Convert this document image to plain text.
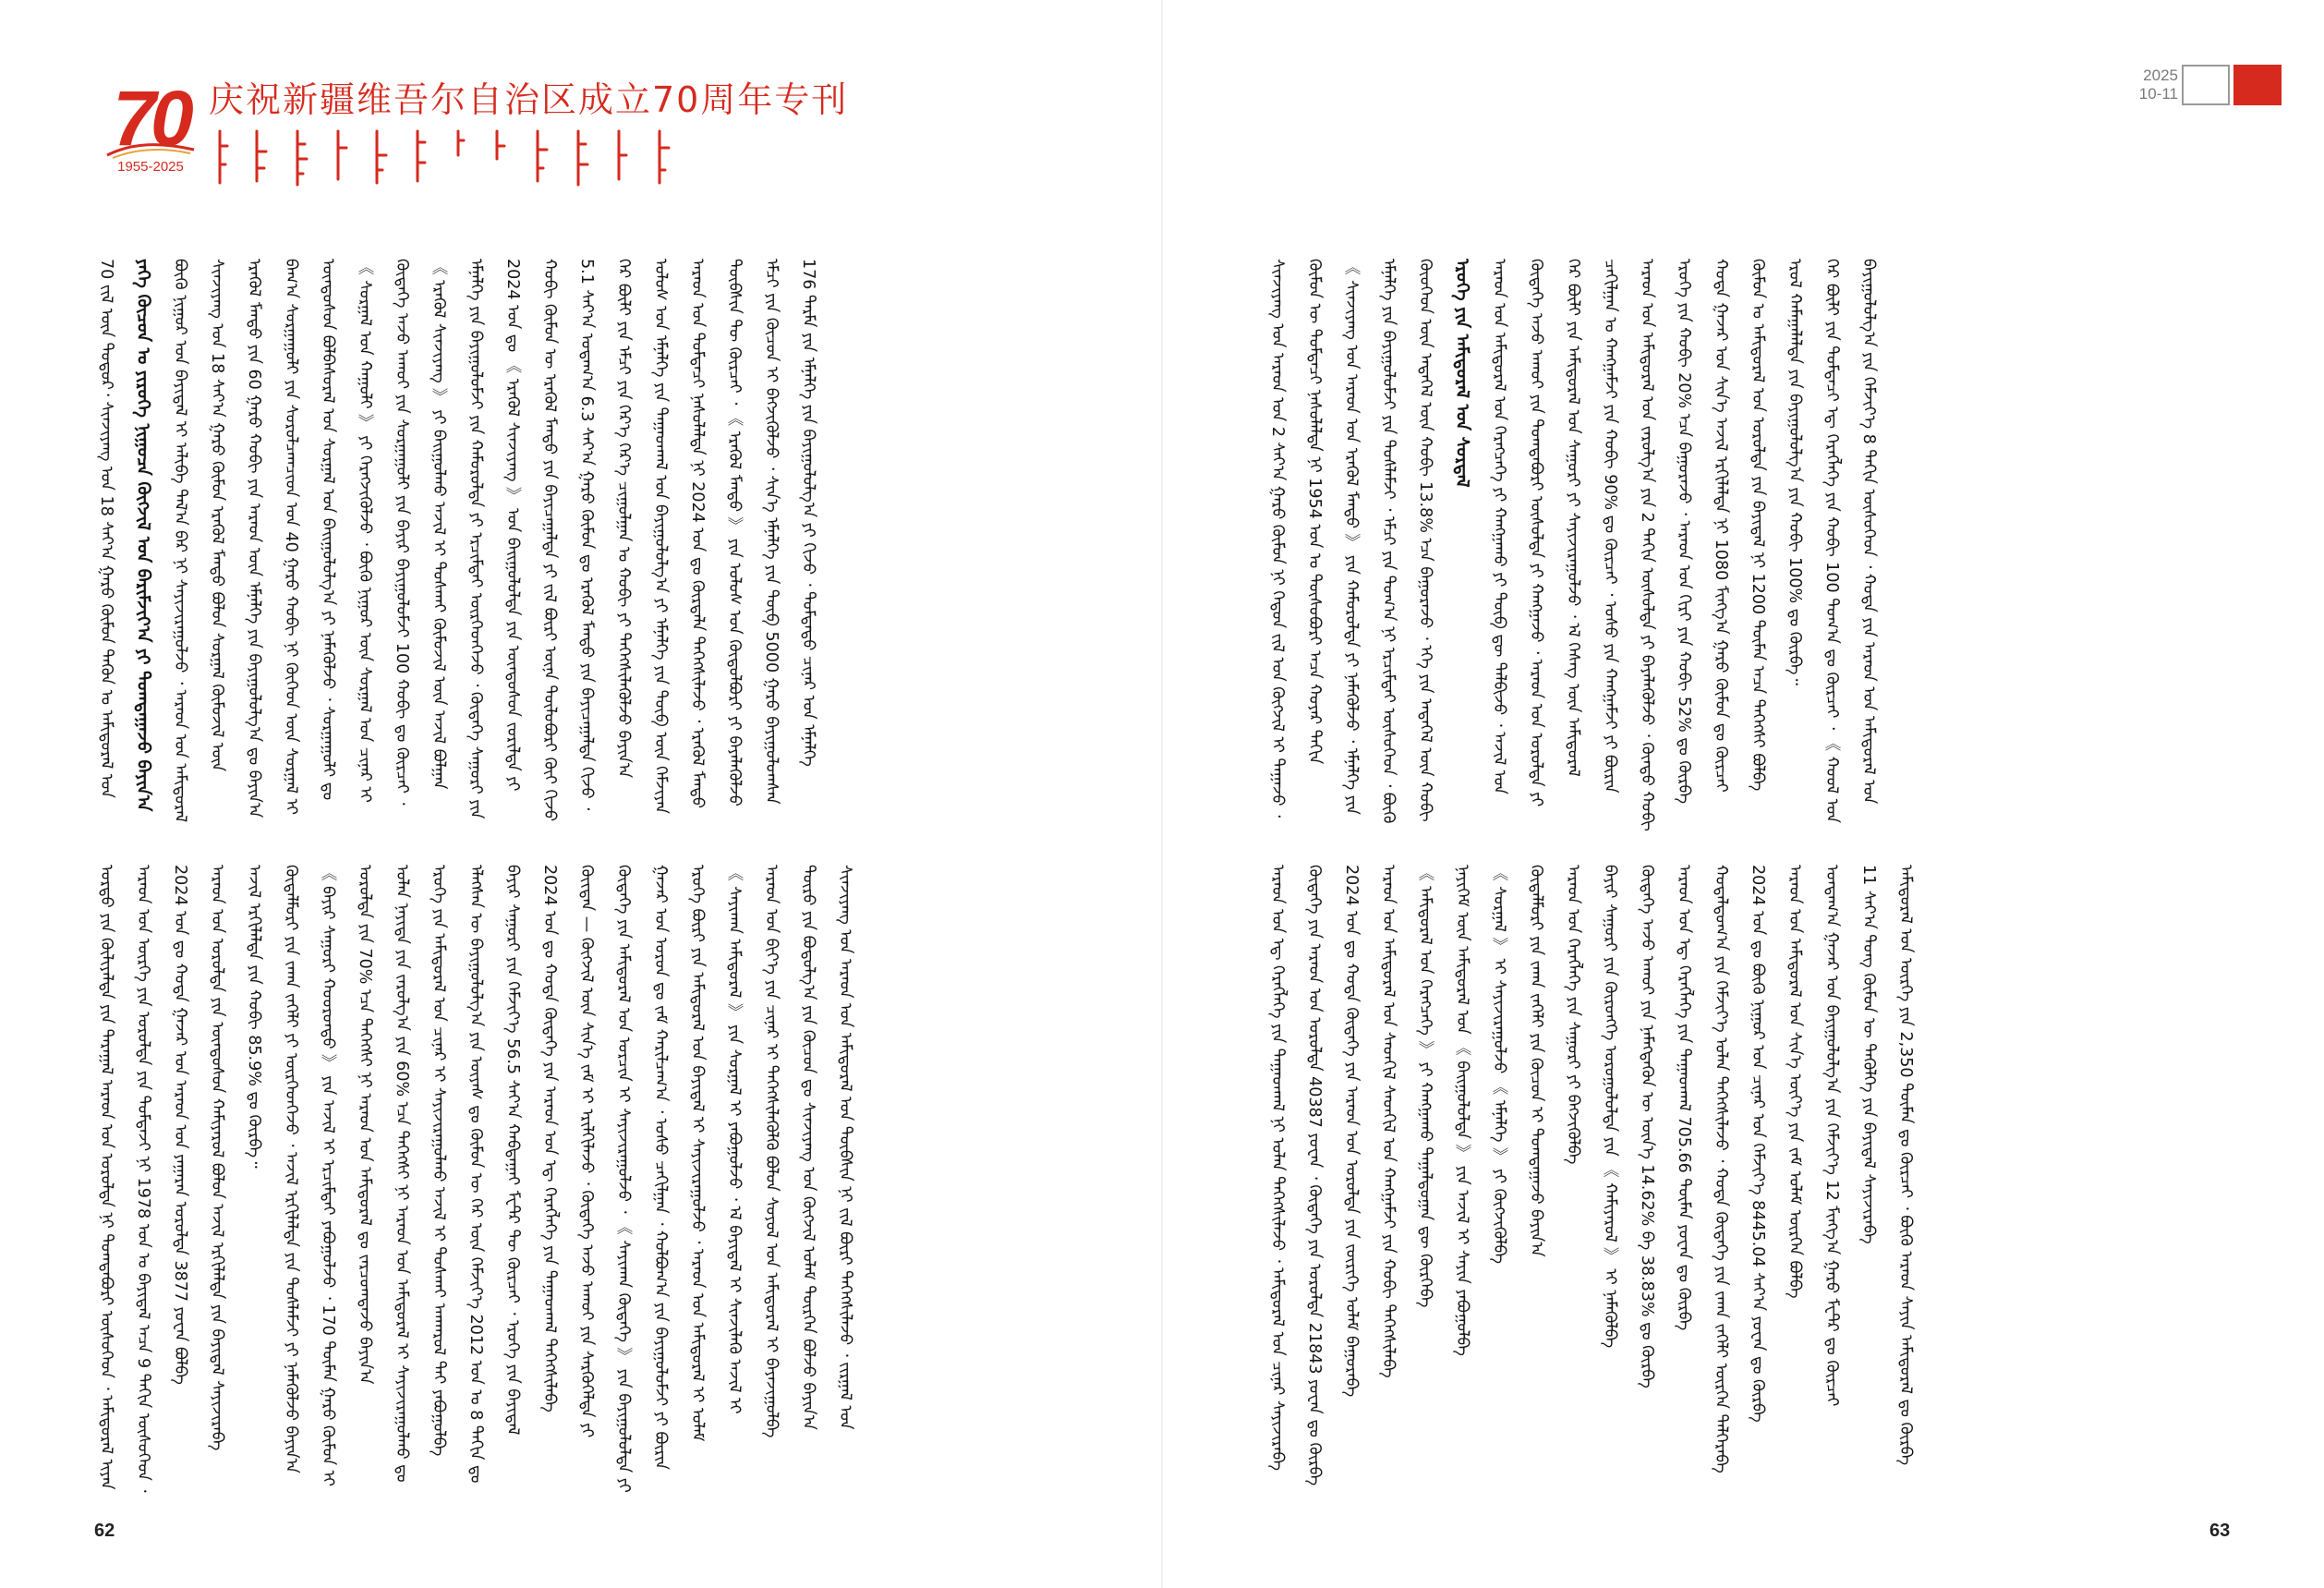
70
1955-2025
庆祝新疆维吾尔自治区成立70周年专刊
2025
10-11
70 ᠵᠢᠯ ᠦᠨ ᠳᠤᠲᠤᠷ᠂ ᠰᠢᠨᠵᠢᠶᠠᠩ ᠤᠨ 18 ᠰᠠᠶ᠎ᠠ ᠭᠠᠷᠤ ᠬᠦᠮᠦᠨ ᠲᠡᠭᠦᠨ ᠤ ᠠᠮᠢᠳᠤᠷᠠᠯ ᠤᠨ ᠶᠡᠬᠡ ᠬᠦᠴᠦᠨ ᠤ ᠶᠢᠷᠦᠬᠡ ᠨᠢᠭᠤᠴᠠ ᠬᠥᠭᠵᠢᠯ ᠤᠨ ᠪᠠᠷᠢᠮᠵᠢᠶ᠎ᠠ ᠶᠢ ᠲᠣᠭᠲᠠᠭᠠᠵᠤ ᠪᠠᠶᠢᠨ᠎ᠠ ᠪᠦᠬᠦ ᠨᠢᠭᠤᠷ ᠤᠨ ᠪᠠᠶᠢᠳᠠᠯ ᠢ ᠠᠯᠢᠪᠠ ᠲᠠᠯ᠎ᠠ ᠪᠠᠷ ᠨᠢ ᠰᠠᠶᠢᠵᠢᠷᠠᠭᠤᠯᠵᠤ ᠂ ᠠᠷᠠᠳ ᠤᠨ ᠠᠮᠢᠳᠤᠷᠠᠯ
ᠰᠢᠨᠵᠢᠶᠠᠩ ᠤᠨ 18 ᠰᠠᠶ᠎ᠠ ᠭᠠᠷᠤ ᠬᠦᠮᠦᠨ ᠡᠷᠡᠭᠦᠯ ᠮᠡᠨᠳᠦ ᠪᠣᠯᠤᠨ ᠰᠤᠷᠭᠠᠯ ᠬᠦᠮᠦᠵᠢᠯ ᠦᠨ ᠡᠷᠡᠭᠦᠯ ᠮᠡᠨᠳᠦ ᠶᠢᠨ 60 ᠭᠠᠷᠤ ᠬᠤᠪᠢ ᠶᠢᠨ ᠠᠷᠠᠳ ᠦᠨ ᠡᠮᠨᠡᠯᠭᠡ ᠶᠢᠨ ᠪᠠᠶᠢᠭᠤᠯᠤᠯᠭ᠎ᠠ ᠳᠤ ᠪᠠᠶᠢᠨ᠎ᠠ ᠪᠠᠭ᠎ᠠ ᠰᠤᠷᠭᠠᠭᠤᠯᠢ ᠶᠢᠨ ᠰᠤᠷᠤᠯᠴᠠᠭᠴᠢᠳ ᠤᠨ 40 ᠭᠠᠷᠤ ᠬᠤᠪᠢ ᠨᠢ ᠬᠥᠭᠡᠳ ᠦᠨ ᠰᠤᠷᠭᠠᠯ ᠢ
ᠦᠨᠳᠦᠰᠦᠨ ᠪᠣᠯᠪᠠᠰᠤᠷᠠᠯ ᠤᠨ ᠰᠤᠷᠭᠠᠯ ᠤᠨ ᠪᠠᠢᠭᠤᠯᠤᠯᠭ᠎ᠠ ᠶᠢ ᠨᠡᠮᠡᠭᠦᠯᠵᠦ ᠂ ᠰᠤᠷᠭᠠᠭᠤᠯᠢ ᠳᠤ
《 ᠰᠤᠷᠭᠠᠯ ᠤᠨ ᠬᠠᠭᠤᠯᠢ 》 ᠶᠢ ᠬᠡᠷᠡᠭᠵᠢᠭᠦᠯᠵᠦ ᠂ ᠪᠦᠬᠦ ᠨᠢᠭᠤᠷ ᠦᠨ ᠰᠤᠷᠭᠠᠯ ᠤᠨ ᠴᠢᠨᠠᠷ ᠢ
ᠬᠥᠳᠡᠭᠡ ᠠᠵᠤ ᠠᠬᠤᠢ ᠶᠢᠨ ᠰᠤᠷᠭᠠᠭᠤᠯᠢ ᠶᠢᠨ ᠪᠠᠶᠢᠷ ᠪᠠᠶᠢᠭᠤᠯᠤᠮᠵᠢ 100 ᠬᠤᠪᠢ ᠳᠤ ᠬᠦᠷᠴᠡᠢ ᠂
《 ᠡᠷᠡᠭᠦᠯ ᠰᠢᠨᠵᠢᠶᠠᠩ 》 ᠶᠢ ᠪᠠᠢᠭᠤᠯᠬᠤ ᠠᠵᠢᠯ ᠢ ᠲᠤᠰᠬᠠᠢ ᠬᠦᠮᠦᠵᠢᠯ ᠦᠨ ᠠᠵᠢᠯ ᠪᠣᠯᠭᠠᠨ
ᠡᠮᠨᠡᠯᠭᠡ ᠶᠢᠨ ᠪᠠᠶᠢᠭᠤᠯᠤᠮᠵᠢ ᠶᠢᠨ ᠬᠠᠮᠤᠷᠤᠯᠲᠠ ᠶᠢ ᠡᠷᠴᠢᠮᠲᠡᠶ ᠥᠷᠭᠡᠳᠬᠡᠵᠦ ᠂ ᠬᠥᠳᠡᠭᠡ ᠰᠠᠭᠤᠷᠢ ᠶᠢᠨ
2024 ᠣᠨ ᠳᠤ 《 ᠡᠷᠡᠭᠦᠯ ᠰᠢᠨᠵᠢᠶᠠᠩ 》 ᠤᠨ ᠪᠠᠢᠭᠤᠯᠤᠯᠲᠠ ᠶᠢᠨ ᠦᠨᠳᠦᠰᠦᠨ ᠵᠣᠷᠢᠯᠲᠠ ᠶᠢ
ᠬᠤᠪᠢ ᠬᠦᠮᠦᠨ ᠦ ᠡᠷᠡᠭᠦᠯ ᠮᠡᠨᠳᠦ ᠶᠢᠨ ᠪᠠᠶᠢᠴᠠᠭᠠᠯᠲᠠ ᠶᠢ ᠵᠢᠯ ᠪᠦᠷᠢ ᠦᠨᠡ ᠲᠥᠯᠦᠪᠦᠷᠢ ᠭᠦᠢ ᠬᠢᠵᠦ
5.1 ᠰᠠᠶ᠎ᠠ ᠤᠳᠠᠭ᠎ᠠ 6.3 ᠰᠠᠶ᠎ᠠ ᠭᠠᠷᠤ ᠬᠦᠮᠦᠨ ᠳᠤ ᠡᠷᠡᠭᠦᠯ ᠮᠡᠨᠳᠦ ᠶᠢᠨ ᠪᠠᠶᠢᠴᠠᠭᠠᠯᠲᠠ ᠬᠢᠵᠦ ᠂
ᠭᠡᠷ ᠪᠦᠯᠢ ᠶᠢᠨ ᠡᠮᠴᠢ ᠶᠢᠨ ᠭᠡᠷ᠎ᠡ ᠭᠡᠷ᠎ᠡ ᠴᠢᠭᠤᠯᠭᠠᠨ ᠤ ᠬᠤᠪᠢ ᠶᠢ ᠳᠡᠭᠡᠭᠰᠢᠯᠡᠭᠦᠯᠵᠦ ᠪᠠᠶᠢᠨ᠎ᠠ ᠤᠯᠤᠰ ᠤᠨ ᠡᠮᠨᠡᠯᠭᠡ ᠶᠢᠨ ᠳᠠᠭᠠᠳᠬᠠᠯ ᠤᠨ ᠪᠠᠶᠢᠭᠤᠯᠤᠯᠭ᠎ᠠ ᠶᠢ ᠡᠮᠨᠡᠯᠭᠡ ᠶᠢᠨ ᠲᠥᠪ ᠦᠨ ᠬᠡᠮᠵᠢᠶᠡᠨ
ᠠᠷᠠᠳ ᠤᠨ ᠳᠤᠮᠳᠠᠴᠢ ᠨᠠᠰᠤᠯᠠᠯᠲᠠ ᠨᠢ 2024 ᠣᠨ ᠳᠤ ᠬᠦᠷᠲᠡᠯᠡ ᠳᠡᠭᠡᠭᠰᠢᠯᠡᠵᠦ ᠂ ᠡᠷᠡᠭᠦᠯ ᠮᠡᠨᠳᠦ
ᠲᠦᠪᠰᠢᠨ ᠲᠦ ᠬᠦᠷᠴᠡᠢ ᠂ 《 ᠡᠷᠡᠭᠦᠯ ᠮᠡᠨᠳᠦ 》 ᠶᠢᠨ ᠤᠯᠤᠰ ᠤᠨ ᠬᠥᠲᠦᠯᠪᠦᠷᠢ ᠶᠢ ᠪᠡᠶᠡᠯᠡᠭᠦᠯᠵᠦ
ᠡᠮᠴᠢ ᠶᠢᠨ ᠬᠦᠴᠦᠨ ᠢ ᠪᠡᠬᠵᠢᠭᠦᠯᠵᠦ ᠂ ᠰᠢᠨ᠎ᠡ ᠡᠮᠨᠡᠯᠭᠡ ᠶᠢᠨ ᠲᠥᠪ 5000 ᠭᠠᠷᠤ ᠪᠠᠶᠢᠭᠤᠯᠤᠭᠰᠠᠨ
176 ᠲᠡᠷᠮᠡ ᠶᠢᠨ ᠡᠮᠨᠡᠯᠭᠡ ᠶᠢᠨ ᠪᠠᠶᠢᠭᠤᠯᠤᠯᠭ᠎ᠠ ᠶᠢ ᠬᠢᠵᠦ ᠂ ᠳᠤᠮᠳᠠᠳᠤ ᠴᠢᠨᠠᠷ ᠤᠨ ᠡᠮᠨᠡᠯᠭᠡ
ᠤᠷᠲᠤ ᠶᠢᠨ ᠬᠦᠯᠢᠶᠡᠯᠲᠡ ᠶᠢᠨ ᠳᠠᠷᠠᠭᠠᠯ ᠠᠷᠠᠳ ᠤᠨ ᠣᠷᠣᠯᠲᠠ ᠨᠢ ᠲᠣᠭᠲᠠᠪᠣᠷᠢ ᠥᠰᠦᠭᠡᠳ ᠂ ᠠᠮᠢᠳᠤᠷᠠᠯ ᠢᠶᠠᠨ
ᠠᠷᠠᠳ ᠤᠨ ᠥᠷᠬᠡ ᠶᠢᠨ ᠣᠷᠣᠯᠲᠠ ᠶᠢᠨ ᠳᠤᠮᠳᠠᠵᠢ ᠨᠢ 1978 ᠣᠨ ᠤ ᠪᠠᠶᠢᠳᠠᠯ ᠠᠴᠠ 9 ᠳᠠᠬᠢᠨ ᠥᠰᠦᠭᠡᠳ ᠂
2024 ᠣᠨ ᠳᠤ ᠬᠣᠲᠠ ᠭᠠᠵᠠᠷ ᠤᠨ ᠠᠷᠠᠳ ᠤᠨ ᠶᠠᠭᠠᠷᠠᠨ ᠣᠷᠣᠯᠲᠠ 3877 ᠶᠤᠸᠠᠨ ᠪᠣᠯᠪᠠ ᠠᠷᠠᠳ ᠤᠨ ᠣᠷᠣᠯᠲᠠ ᠶᠢᠨ ᠦᠨᠳᠦᠰᠦᠨ ᠬᠠᠮᠢᠶᠠᠷᠤᠯ ᠪᠣᠯᠤᠨ ᠠᠵᠢᠯ ᠡᠷᠬᠢᠯᠡᠯᠲᠡ ᠶᠢᠨ ᠪᠠᠶᠢᠳᠠᠯ ᠰᠠᠶᠢᠵᠢᠷᠠᠪᠠ ᠠᠵᠢᠯ ᠡᠷᠬᠢᠯᠡᠯᠲᠡ ᠶᠢᠨ ᠬᠤᠪᠢ 85.9% ᠳᠤ ᠬᠦᠷᠪᠡ᠃ ᠬᠥᠳᠡᠯᠮᠦᠷᠢ ᠶᠢᠨ ᠵᠠᠬᠠ ᠵᠡᠭᠡᠯᠢ ᠶᠢ ᠥᠷᠭᠡᠳᠬᠡᠵᠦ ᠂ ᠠᠵᠢᠯ ᠡᠷᠬᠢᠯᠡᠯᠲᠡ ᠶᠢᠨ ᠲᠤᠰᠯᠠᠮᠵᠢ ᠶᠢ ᠨᠡᠮᠡᠭᠦᠯᠵᠦ ᠪᠠᠶᠢᠨ᠎ᠠ 《 ᠪᠠᠶᠢᠷ ᠰᠠᠭᠤᠷᠢ ᠬᠤᠤᠷᠤᠨᠳᠤ 》 ᠶᠢᠨ ᠠᠵᠢᠯ ᠢ ᠡᠷᠴᠢᠮᠲᠡᠢ ᠶᠠᠪᠤᠭᠤᠯᠵᠤ ᠂ 170 ᠲᠦᠮᠡᠨ ᠭᠠᠷᠤ ᠬᠦᠮᠦᠨ ᠢ
ᠣᠷᠣᠯᠲᠠ ᠶᠢᠨ 70% ᠡᠴᠡ ᠳᠡᠭᠡᠭᠰᠢ ᠨᠢ ᠠᠷᠠᠳ ᠤᠨ ᠠᠮᠢᠳᠤᠷᠠᠯ ᠳᠤ ᠵᠠᠷᠴᠤᠭᠳᠠᠵᠤ ᠪᠠᠶᠢᠨ᠎ᠠ ᠣᠯᠠᠨ ᠨᠡᠶᠢᠲᠡ ᠶᠢᠨ ᠵᠠᠷᠤᠯᠭ᠎ᠠ ᠶᠢᠨ 60% ᠡᠴᠡ ᠳᠡᠭᠡᠭᠰᠢ ᠨᠢ ᠠᠷᠠᠳ ᠤᠨ ᠠᠮᠢᠳᠤᠷᠠᠯ ᠢ ᠰᠠᠶᠢᠵᠢᠷᠠᠭᠤᠯᠬᠤ ᠳᠤ
ᠡᠷᠦᠬᠡ ᠶᠢᠨ ᠠᠮᠢᠳᠤᠷᠠᠯ ᠤᠨ ᠴᠢᠨᠠᠷ ᠢ ᠰᠠᠶᠢᠵᠢᠷᠠᠭᠤᠯᠬᠤ ᠠᠵᠢᠯ ᠢ ᠲᠤᠰᠬᠠᠶ ᠠᠨᠬᠠᠷᠤᠯ ᠲᠠᠢ ᠶᠠᠪᠤᠭᠤᠯᠪᠠ ᠡᠯᠡᠭᠰᠡᠨ ᠦ ᠪᠠᠶᠢᠭᠤᠯᠤᠯᠭ᠎ᠠ ᠶᠢᠨ ᠦᠶᠡᠰ ᠳᠤ ᠬᠦᠮᠦᠨ ᠦ ᠭᠡᠷ ᠦᠨ ᠬᠡᠮᠵᠢᠶ᠎ᠡ 2012 ᠣᠨ ᠤ 8 ᠳᠠᠬᠢᠨ ᠳᠤ
ᠪᠠᠶᠢᠷ ᠰᠠᠭᠤᠷᠢ ᠶᠢᠨ ᠬᠡᠮᠵᠢᠶ᠎ᠡ 56.5 ᠰᠠᠶ᠎ᠠ ᠬᠠᠪᠳᠠᠭᠠᠢ ᠮᠧᠲ᠋ᠷ ᠲᠦ ᠬᠦᠷᠴᠡᠢ ᠂ ᠡᠷᠦᠬᠡ ᠶᠢᠨ ᠪᠠᠶᠢᠳᠠᠯ 2024 ᠣᠨ ᠳᠤ ᠬᠣᠲᠠ ᠬᠥᠳᠡᠭᠡ ᠶᠢᠨ ᠠᠷᠠᠳ ᠤᠨ ᠡᠳ᠋ ᠬᠡᠷᠡᠭᠯᠡᠭᠡ ᠶᠢᠨ ᠳᠠᠭᠠᠳᠬᠠᠯ ᠳᠡᠭᠡᠭᠰᠢᠯᠡᠪᠡ ᠬᠦᠢᠳᠡᠨ — ᠬᠥᠭᠵᠢᠯ ᠦᠨ ᠰᠢᠨ᠎ᠡ ᠵᠠᠮ ᠢ ᠡᠷᠢᠯᠬᠢᠯᠡᠵᠦ ᠂ ᠬᠥᠳᠡᠭᠡ ᠠᠵᠤ ᠠᠬᠤᠢ ᠶᠢᠨ ᠰᠡᠷᠭᠦᠭᠡᠯᠲᠡ ᠶᠢ
ᠬᠥᠳᠡᠭᠡ ᠶᠢᠨ ᠠᠮᠢᠳᠤᠷᠠᠯ ᠤᠨ ᠣᠷᠴᠢᠨ ᠢ ᠰᠠᠶᠢᠵᠢᠷᠠᠭᠤᠯᠵᠤ ᠂ 《 ᠰᠠᠶᠢᠬᠠᠨ ᠬᠥᠳᠡᠭᠡ 》 ᠶᠢᠨ ᠪᠠᠶᠢᠭᠤᠯᠤᠯᠲᠠ ᠶᠢ
ᠭᠠᠵᠠᠷ ᠤᠨ ᠣᠷᠣᠨ ᠳᠤ ᠵᠠᠮ ᠬᠠᠷᠢᠯᠴᠠᠭ᠎ᠠ ᠂ ᠤᠰᠤ ᠴᠠᠬᠢᠯᠭᠠᠨ ᠂ ᠬᠣᠯᠪᠣᠭ᠎ᠠ ᠶᠢᠨ ᠪᠠᠶᠢᠭᠤᠯᠤᠮᠵᠢ ᠶᠢ ᠪᠦᠷᠢᠨ
ᠡᠷᠦᠬᠡ ᠪᠦᠷᠢ ᠶᠢᠨ ᠠᠮᠢᠳᠤᠷᠠᠯ ᠤᠨ ᠪᠠᠶᠢᠳᠠᠯ ᠢ ᠰᠠᠶᠢᠵᠢᠷᠠᠭᠤᠯᠵᠤ ᠂ ᠠᠷᠠᠳ ᠤᠨ ᠠᠮᠢᠳᠤᠷᠠᠯ ᠢ ᠤᠯᠠᠮ
《 ᠰᠠᠶᠢᠬᠠᠨ ᠠᠮᠢᠳᠤᠷᠠᠯ 》 ᠶᠢᠨ ᠰᠤᠷᠭᠠᠯ ᠢ ᠶᠠᠪᠤᠭᠤᠯᠵᠤ ᠂ ᠡᠯ ᠪᠠᠶᠢᠳᠠᠯ ᠢ ᠰᠢᠨᠵᠢᠯᠡᠬᠦ ᠠᠵᠢᠯ ᠢ ᠠᠷᠠᠳ ᠤᠨ ᠪᠢᠶ᠎ᠡ ᠶᠢᠨ ᠴᠢᠨᠠᠷ ᠢ ᠳᠡᠭᠡᠭᠰᠢᠯᠡᠭᠦᠯᠬᠦ ᠪᠣᠯᠤᠨ ᠰᠣᠶᠣᠯ ᠤᠨ ᠠᠮᠢᠳᠤᠷᠠᠯ ᠢ ᠪᠠᠶᠠᠵᠢᠭᠤᠯᠪᠠ ᠲᠦᠷᠦ ᠶᠢᠨ ᠪᠤᠳᠤᠯᠭ᠎ᠠ ᠶᠢᠨ ᠬᠦᠴᠦᠨ ᠳᠤ ᠰᠢᠨᠵᠢᠶᠠᠩ ᠤᠨ ᠬᠥᠭᠵᠢᠯ ᠤᠯᠠᠮ ᠲᠦᠷᠭᠡᠨ ᠪᠣᠯᠵᠤ ᠪᠠᠶᠢᠨ᠎ᠠ ᠰᠢᠨᠵᠢᠶᠠᠩ ᠤᠨ ᠠᠷᠠᠳ ᠤᠨ ᠠᠮᠢᠳᠤᠷᠠᠯ ᠤᠨ ᠲᠦᠪᠰᠢᠨ ᠨᠢ ᠵᠢᠯ ᠪᠦᠷᠢ ᠳᠡᠭᠡᠭᠰᠢᠯᠡᠵᠦ ᠂ ᠵᠢᠷᠭᠠᠯ ᠤᠨ
ᠰᠢᠨᠵᠢᠶᠠᠩ ᠤᠨ ᠠᠷᠠᠳ ᠤᠨ 2 ᠰᠠᠶ᠎ᠠ ᠭᠠᠷᠤ ᠬᠦᠮᠦᠨ ᠨᠢ ᠬᠡᠳᠦᠨ ᠵᠢᠯ ᠤᠨ ᠬᠥᠭᠵᠢᠯ ᠢ ᠳᠠᠭᠠᠵᠤ ᠂
ᠬᠦᠮᠦᠨ ᠦ ᠳᠤᠮᠳᠠᠴᠢ ᠨᠠᠰᠤᠯᠠᠯᠲᠠ ᠨᠢ 1954 ᠣᠨ ᠤ ᠲᠥᠰᠦᠪᠦᠷᠢ ᠠᠴᠠ ᠬᠣᠶᠠᠷ ᠳᠠᠬᠢᠨ
《 ᠰᠢᠨᠵᠢᠶᠠᠩ ᠤᠨ ᠠᠷᠠᠳ ᠤᠨ ᠡᠷᠡᠭᠦᠯ ᠮᠡᠨᠳᠦ 》 ᠶᠢᠨ ᠬᠠᠮᠤᠷᠤᠯᠲᠠ ᠶᠢ ᠨᠡᠮᠡᠭᠦᠯᠵᠦ ᠂ ᠡᠮᠨᠡᠯᠭᠡ ᠶᠢᠨ
ᠡᠮᠨᠡᠯᠭᠡ ᠶᠢᠨ ᠪᠠᠶᠢᠭᠤᠯᠤᠮᠵᠢ ᠶᠢᠨ ᠲᠤᠰᠯᠠᠮᠵᠢ ᠂ ᠡᠮᠴᠢ ᠶᠢᠨ ᠲᠣᠭ᠎ᠠ ᠨᠢ ᠡᠷᠴᠢᠮᠲᠡᠢ ᠥᠰᠦᠭᠡᠳ ᠂ ᠪᠦᠬᠦ
ᠬᠦᠦᠬᠡᠳ ᠦᠨ ᠡᠨᠳᠡᠭᠡᠯ ᠦᠨ ᠬᠤᠪᠢ 13.8% ᠡᠴᠡ ᠪᠠᠭᠤᠷᠠᠵᠤ ᠂ ᠡᠬᠡ ᠶᠢᠨ ᠡᠨᠳᠡᠭᠡᠯ ᠦᠨ ᠬᠤᠪᠢ
ᠡᠷᠦᠬᠡ ᠶᠢᠨ ᠠᠮᠢᠳᠤᠷᠠᠯ ᠤᠨ ᠰᠤᠷᠲᠠᠯ ᠠᠷᠠᠳ ᠤᠨ ᠠᠮᠢᠳᠤᠷᠠᠯ ᠤᠨ ᠬᠡᠷᠡᠭᠴᠡᠭᠡ ᠶᠢ ᠬᠠᠩᠭᠠᠬᠤ ᠶᠢ ᠲᠥᠪ ᠳᠦ ᠲᠠᠯᠪᠢᠵᠤ ᠂ ᠠᠵᠢᠯ ᠤᠨ
ᠬᠥᠳᠡᠭᠡ ᠠᠵᠤ ᠠᠬᠤᠢ ᠶᠢᠨ ᠲᠣᠭᠲᠠᠪᠤᠷᠢ ᠥᠰᠦᠯᠲᠡ ᠶᠢ ᠬᠠᠩᠭᠠᠵᠤ ᠂ ᠠᠷᠠᠳ ᠤᠨ ᠣᠷᠣᠯᠲᠠ ᠶᠢ
ᠭᠡᠷ ᠪᠦᠯᠢ ᠶᠢᠨ ᠠᠮᠢᠳᠤᠷᠠᠯ ᠤᠨ ᠰᠠᠭᠤᠷᠢ ᠶᠢ ᠰᠠᠶᠢᠵᠢᠷᠠᠭᠤᠯᠵᠤ ᠂ ᠡᠯ ᠬᠡᠰᠡᠭ ᠦᠨ ᠠᠮᠢᠳᠤᠷᠠᠯ
ᠴᠠᠬᠢᠯᠭᠠᠨ ᠤ ᠬᠠᠩᠭᠠᠮᠵᠢ ᠶᠢᠨ ᠬᠤᠪᠢ 90% ᠳᠤ ᠬᠦᠷᠴᠡᠢ ᠂ ᠤᠰᠤ ᠶᠢᠨ ᠬᠠᠩᠭᠠᠮᠵᠢ ᠶᠢ ᠪᠦᠷᠢᠨ
ᠠᠷᠠᠳ ᠤᠨ ᠠᠮᠢᠳᠤᠷᠠᠯ ᠤᠨ ᠵᠠᠷᠤᠯᠭ᠎ᠠ ᠶᠢᠨ 2 ᠳᠠᠬᠢᠨ ᠥᠰᠦᠯᠲᠡ ᠶᠢ ᠪᠡᠶᠡᠯᠡᠭᠦᠯᠵᠦ ᠂ ᠬᠦᠨᠳᠦ ᠬᠤᠪᠢ
ᠡᠷᠦᠬᠡ ᠶᠢᠨ ᠬᠤᠪᠢ 20% ᠡᠴᠡ ᠪᠠᠭᠤᠷᠠᠵᠤ ᠂ ᠠᠷᠠᠳ ᠤᠨ ᠬᠢᠷᠢ ᠶᠢᠨ ᠬᠤᠪᠢ 52% ᠳᠤ ᠬᠦᠷᠪᠡ ᠬᠣᠲᠠ ᠭᠠᠵᠠᠷ ᠤᠨ ᠰᠢᠨ᠎ᠡ ᠠᠵᠢᠯ ᠡᠷᠬᠢᠯᠡᠯᠲᠡ ᠨᠢ 1080 ᠮᠢᠩᠭ᠎ᠠ ᠭᠠᠷᠤ ᠬᠦᠮᠦᠨ ᠳᠤ ᠬᠦᠷᠴᠡᠢ ᠬᠦᠮᠦᠨ ᠤ ᠠᠮᠢᠳᠤᠷᠠᠯ ᠤᠨ ᠣᠷᠣᠯᠲᠠ ᠶᠢᠨ ᠪᠠᠶᠢᠳᠠᠯ ᠨᠢ 1200 ᠲᠦᠮᠡᠨ ᠠᠴᠠ ᠳᠡᠭᠡᠭᠰᠢ ᠪᠣᠯᠪᠠ ᠡᠷᠦᠯ ᠬᠠᠮᠠᠭᠠᠯᠠᠯᠲᠠ ᠶᠢᠨ ᠪᠠᠶᠢᠭᠤᠯᠤᠯᠭ᠎ᠠ ᠶᠢᠨ ᠬᠤᠪᠢ 100% ᠳᠤ ᠬᠦᠷᠪᠡ᠃ ᠭᠡᠷ ᠪᠦᠯᠢ ᠶᠢᠨ ᠳᠤᠮᠳᠠᠴᠢ ᠡᠳ᠋ ᠬᠡᠷᠡᠭᠯᠡᠭᠡ ᠶᠢᠨ ᠬᠤᠪᠢ 100 ᠲᠤᠭ᠎ᠠ ᠳᠤ ᠬᠦᠷᠴᠡᠢ ᠂ 《 ᠬᠣᠣᠯ ᠤᠨ
ᠪᠠᠶᠢᠭᠤᠯᠤᠯᠭ᠎ᠠ ᠶᠢᠨ ᠬᠡᠮᠵᠢᠶ᠎ᠡ 8 ᠳᠠᠬᠢᠨ ᠥᠰᠦᠭᠡᠳ ᠂ ᠬᠣᠲᠠ ᠶᠢᠨ ᠠᠷᠠᠳ ᠤᠨ ᠠᠮᠢᠳᠤᠷᠠᠯ ᠤᠨ
ᠠᠷᠠᠳ ᠤᠨ ᠡᠳ᠋ ᠬᠡᠷᠡᠭᠯᠡᠭᠡ ᠶᠢᠨ ᠳᠠᠭᠠᠳᠬᠠᠯ ᠨᠢ ᠣᠯᠠᠨ ᠳᠡᠭᠡᠭᠰᠢᠯᠡᠵᠦ ᠂ ᠠᠮᠢᠳᠤᠷᠠᠯ ᠤᠨ ᠴᠢᠨᠠᠷ ᠰᠠᠶᠢᠵᠢᠷᠠᠪᠠ ᠬᠥᠳᠡᠭᠡ ᠶᠢᠨ ᠠᠷᠠᠳ ᠤᠨ ᠣᠷᠣᠯᠲᠠ 40387 ᠶᠤᠸᠠᠨ ᠂ ᠬᠥᠳᠡᠭᠡ ᠶᠢᠨ ᠣᠷᠣᠯᠲᠠ 21843 ᠶᠤᠸᠠᠨ ᠳᠤ ᠬᠦᠷᠪᠡ 2024 ᠣᠨ ᠳᠤ ᠬᠣᠲᠠ ᠬᠥᠳᠡᠭᠡ ᠶᠢᠨ ᠠᠷᠠᠳ ᠤᠨ ᠣᠷᠣᠯᠲᠠ ᠶᠢᠨ ᠵᠥᠷᠢᠭᠡ ᠤᠯᠠᠮ ᠪᠠᠭᠤᠷᠠᠪᠠ ᠠᠷᠠᠳ ᠤᠨ ᠠᠮᠢᠳᠤᠷᠠᠯ ᠤᠨ ᠰᠡᠳᠬᠢᠯ ᠰᠡᠳᠬᠢᠯ ᠤᠨ ᠬᠠᠩᠭᠠᠮᠵᠢ ᠶᠢᠨ ᠬᠤᠪᠢ ᠳᠡᠭᠡᠭᠰᠢᠯᠡᠪᠡ 《 ᠠᠮᠢᠳᠤᠷᠠᠯ ᠤᠨ ᠬᠡᠷᠡᠭᠴᠡᠭᠡ 》 ᠶᠢ ᠬᠠᠩᠭᠠᠬᠤ ᠳᠠᠭᠠᠯᠳᠤᠭᠠᠨ ᠳᠦ ᠬᠦᠷᠭᠡᠪᠡ ᠨᠡᠶᠢᠭᠡᠮ ᠦᠨ ᠠᠮᠢᠳᠤᠷᠠᠯ ᠤᠨ 《 ᠪᠠᠢᠭᠤᠯᠤᠯᠲᠠ 》 ᠶᠢᠨ ᠠᠵᠢᠯ ᠢ ᠰᠠᠶᠢᠨ ᠶᠠᠪᠤᠭᠤᠯᠪᠠ 《 ᠰᠤᠷᠭᠠᠯ 》 ᠢ ᠰᠠᠶᠢᠵᠢᠷᠠᠭᠤᠯᠵᠤ 《 ᠡᠮᠨᠡᠯᠭᠡ 》 ᠶᠢ ᠬᠥᠭᠵᠢᠭᠦᠯᠪᠡ ᠬᠥᠳᠡᠯᠮᠦᠷᠢ ᠶᠢᠨ ᠵᠠᠬᠠ ᠵᠡᠭᠡᠯᠢ ᠶᠢᠨ ᠬᠦᠴᠦᠨ ᠢ ᠲᠣᠭᠲᠠᠭᠠᠵᠤ ᠪᠠᠶᠢᠨ᠎ᠠ ᠠᠷᠠᠳ ᠤᠨ ᠬᠡᠷᠡᠭᠯᠡᠭᠡ ᠶᠢᠨ ᠰᠠᠭᠤᠷᠢ ᠶᠢ ᠪᠡᠬᠵᠢᠭᠦᠯᠪᠡ ᠪᠠᠶᠢᠷ ᠰᠠᠭᠤᠷᠢ ᠶᠢᠨ ᠬᠥᠷᠥᠩᠭᠡ ᠣᠷᠣᠭᠤᠯᠤᠯᠲᠠ ᠶᠢᠨ 《 ᠬᠠᠮᠢᠶᠠᠷᠤᠯ 》 ᠢ ᠨᠡᠮᠡᠭᠦᠯᠪᠡ ᠬᠥᠳᠡᠭᠡ ᠠᠵᠤ ᠠᠬᠤᠢ ᠶᠢᠨ ᠨᠡᠮᠡᠭᠳᠡᠬᠦᠨ ᠦ ᠦᠨ᠎ᠡ 14.62% ᠪᠠ 38.83% ᠳᠤ ᠬᠦᠷᠪᠡ ᠠᠷᠠᠳ ᠤᠨ ᠡᠳ᠋ ᠬᠡᠷᠡᠭᠯᠡᠭᠡ ᠶᠢᠨ ᠳᠠᠭᠠᠳᠬᠠᠯ 705.66 ᠲᠦᠮᠡᠨ ᠶᠤᠸᠠᠨ ᠳᠤ ᠬᠦᠷᠪᠡ ᠬᠤᠳᠠᠯᠳᠤᠭ᠎ᠠ ᠶᠢᠨ ᠬᠡᠮᠵᠢᠶ᠎ᠡ ᠣᠯᠠᠨ ᠳᠡᠭᠡᠭᠰᠢᠯᠡᠵᠦ ᠂ ᠬᠣᠲᠠ ᠬᠥᠳᠡᠭᠡ ᠶᠢᠨ ᠵᠠᠬᠠ ᠵᠡᠭᠡᠯᠢ ᠥᠷᠭᠡᠨ ᠳᠡᠯᠭᠡᠷᠡᠪᠡ 2024 ᠣᠨ ᠳᠤ ᠪᠦᠬᠦ ᠨᠢᠭᠤᠷ ᠤᠨ ᠴᠢᠨᠠᠷ ᠤᠨ ᠬᠡᠮᠵᠢᠶ᠎ᠡ 8445.04 ᠰᠠᠶ᠎ᠠ ᠶᠤᠸᠠᠨ ᠳᠤ ᠬᠦᠷᠪᠡ ᠠᠷᠠᠳ ᠤᠨ ᠠᠮᠢᠳᠤᠷᠠᠯ ᠤᠨ ᠰᠢᠨ᠎ᠡ ᠦᠶ᠎ᠡ ᠶᠢᠨ ᠵᠠᠮ ᠤᠯᠠᠮ ᠥᠷᠭᠡᠨ ᠪᠣᠯᠪᠠ ᠤᠨᠳᠠᠭ᠎ᠠ ᠭᠠᠵᠠᠷ ᠤᠨ ᠪᠠᠶᠢᠭᠤᠯᠤᠯᠭ᠎ᠠ ᠶᠢᠨ ᠬᠡᠮᠵᠢᠶ᠎ᠡ 12 ᠮᠢᠩᠭ᠎ᠠ ᠭᠠᠷᠤ ᠮᠧᠲ᠋ᠷ ᠳᠤ ᠬᠦᠷᠴᠡᠢ 11 ᠰᠠᠶ᠎ᠠ ᠲᠤᠩ ᠬᠦᠮᠦᠨ ᠦ ᠲᠡᠭᠦᠯᠭᠡ ᠶᠢᠨ ᠪᠠᠶᠢᠳᠠᠯ ᠰᠠᠶᠢᠵᠢᠷᠠᠪᠠ ᠠᠮᠢᠳᠤᠷᠠᠯ ᠤᠨ ᠥᠷᠬᠡ ᠶᠢᠨ 2,350 ᠲᠦᠮᠡᠨ ᠳᠤ ᠬᠦᠷᠴᠡᠢ ᠂ ᠪᠦᠬᠦ ᠠᠷᠠᠳ ᠰᠠᠶᠢᠨ ᠠᠮᠢᠳᠤᠷᠠᠯ ᠳᠤ ᠬᠦᠷᠪᠡ
62	63
